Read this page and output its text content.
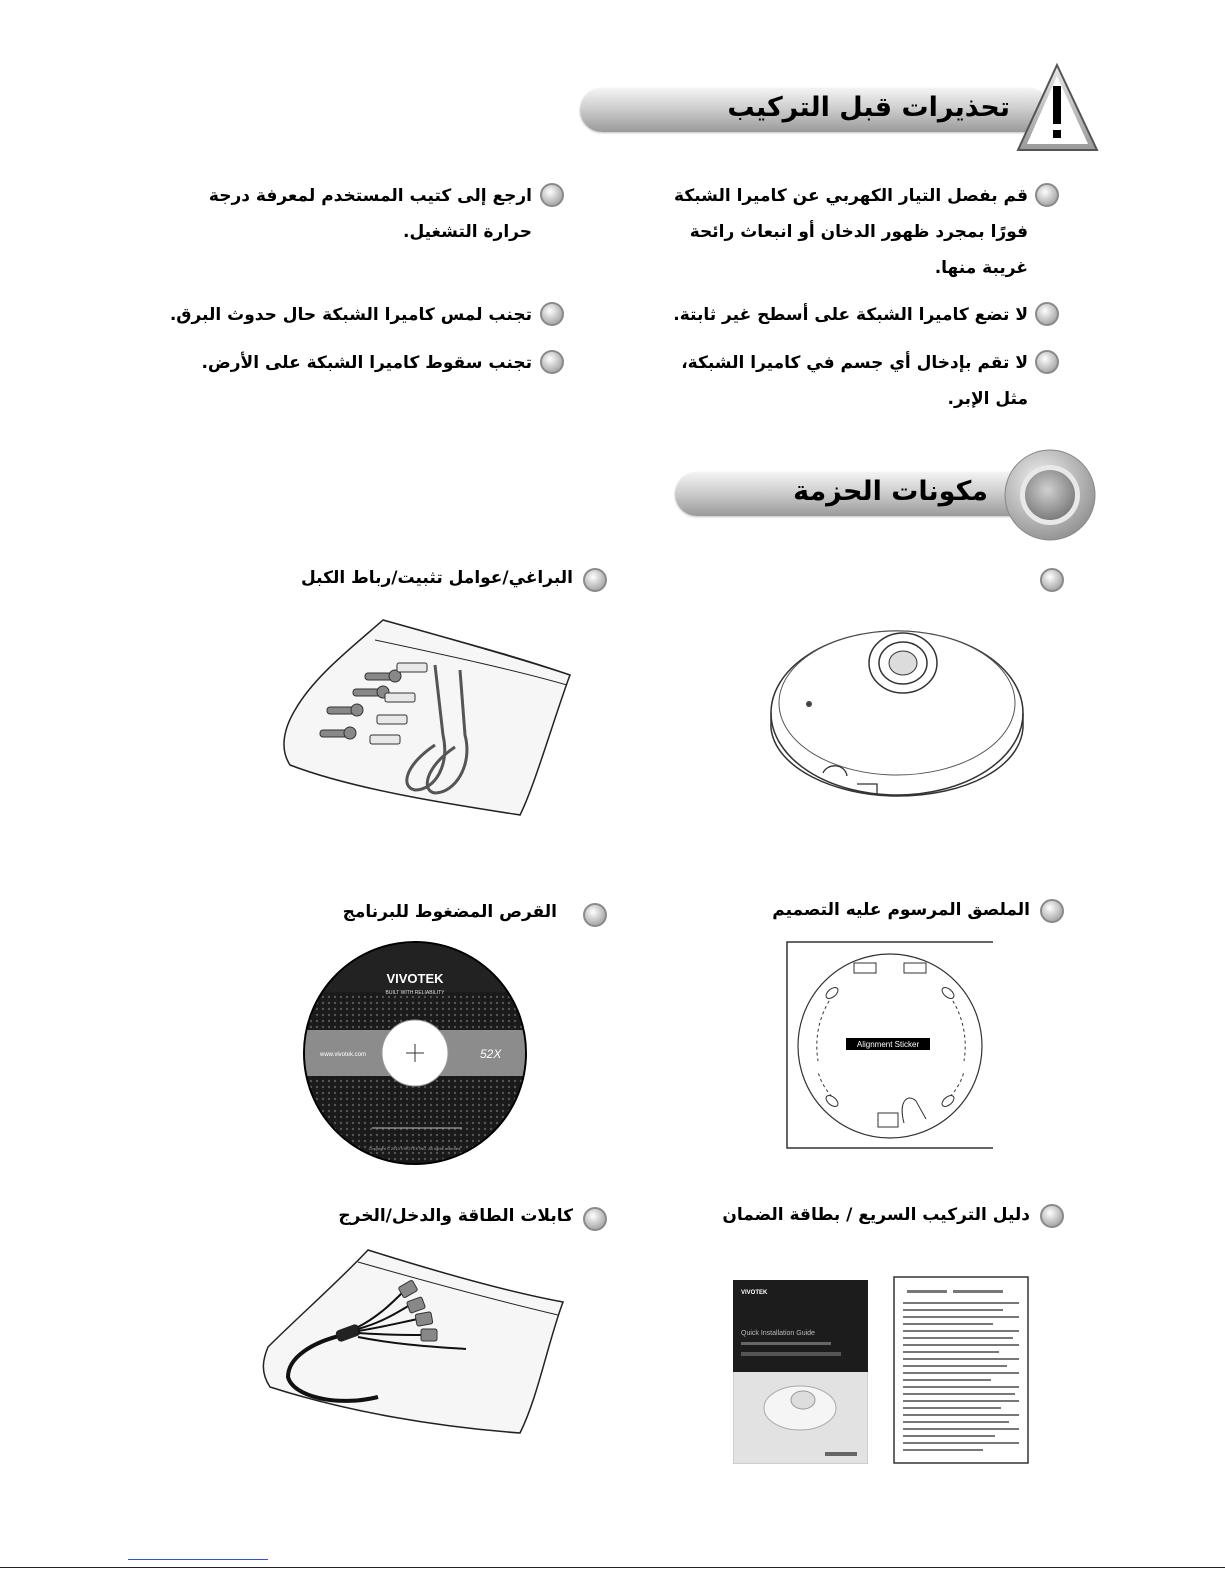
تحذيرات قبل التركيب
قم بفصل التيار الكهربي عن كاميرا الشبكة فورًا بمجرد ظهور الدخان أو انبعاث رائحة غريبة منها.
لا تضع كاميرا الشبكة على أسطح غير ثابتة.
لا تقم بإدخال أي جسم في كاميرا الشبكة، مثل الإبر.
ارجع إلى كتيب المستخدم لمعرفة درجة حرارة التشغيل.
تجنب لمس كاميرا الشبكة حال حدوث البرق.
تجنب سقوط كاميرا الشبكة على الأرض.
مكونات الحزمة
البراغي/عوامل تثبيت/رباط الكبل
الملصق المرسوم عليه التصميم
القرص المضغوط للبرنامج
دليل التركيب السريع / بطاقة الضمان
كابلات الطاقة والدخل/الخرج
VIVOTEK
BUILT WITH RELIABILITY
www.vivotek.com	52X
Copyright © 2010 VIVOTEK INC. All rights reserved.
Alignment Sticker
VIVOTEK
Quick Installation Guide
